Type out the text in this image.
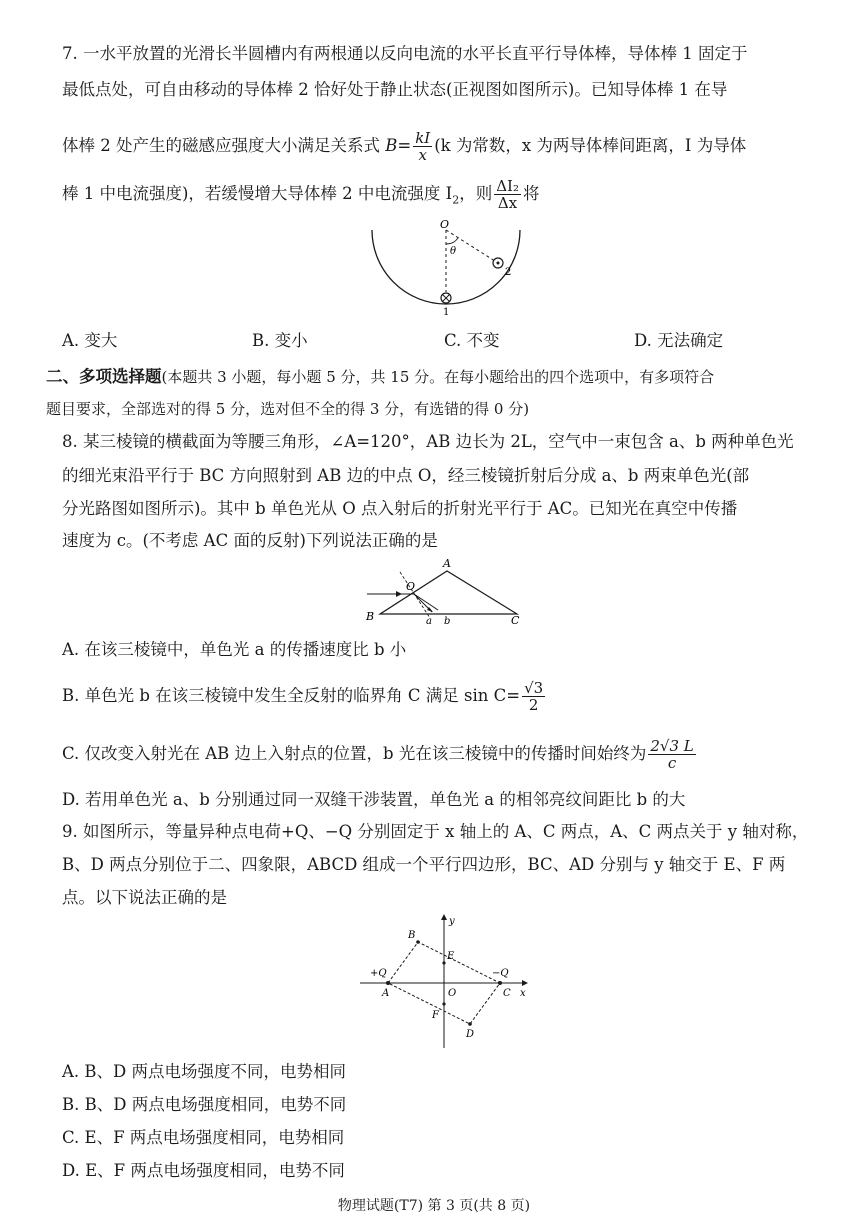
7. 一水平放置的光滑长半圆槽内有两根通以反向电流的水平长直平行导体棒，导体棒 1 固定于
最低点处，可自由移动的导体棒 2 恰好处于静止状态(正视图如图所示)。已知导体棒 1 在导
体棒 2 处产生的磁感应强度大小满足关系式 $B= \frac{kI}{x} (k$ 为常数，x 为两导体棒间距离，I 为导体
棒 1 中电流强度)，若缓慢增大导体棒 2 中电流强度 $I_2$，则 $\frac{\text{ΔI₂}}{\Delta x}$ 将
O
θ
2
1
A. 变大	B. 变小	C. 不变	D. 无法确定
二、多项选择题(本题共 3 小题，每小题 5 分，共 15 分。在每小题给出的四个选项中，有多项符合
题目要求，全部选对的得 5 分，选对但不全的得 3 分，有选错的得 0 分)
8. 某三棱镜的横截面为等腰三角形，∠A=120°，AB 边长为 2L，空气中一束包含 a、b 两种单色光
的细光束沿平行于 BC 方向照射到 AB 边的中点 O，经三棱镜折射后分成 a、b 两束单色光(部
分光路图如图所示)。其中 b 单色光从 O 点入射后的折射光平行于 AC。已知光在真空中传播
速度为 c。(不考虑 AC 面的反射)下列说法正确的是
A
O
B	C
a b
A. 在该三棱镜中，单色光 a 的传播速度比 b 小
B. 单色光 b 在该三棱镜中发生全反射的临界角 C 满足 $\sin C= \frac{√3}{2}$
C. 仅改变入射光在 AB 边上入射点的位置，b 光在该三棱镜中的传播时间始终为 $\frac{2√3 L}{c}$
D. 若用单色光 a、b 分别通过同一双缝干涉装置，单色光 a 的相邻亮纹间距比 b 的大
9. 如图所示，等量异种点电荷+Q、−Q 分别固定于 x 轴上的 A、C 两点，A、C 两点关于 y 轴对称，
B、D 两点分别位于二、四象限，ABCD 组成一个平行四边形，BC、AD 分别与 y 轴交于 E、F 两
点。以下说法正确的是
y
x
B
E
+Q	−Q
A	O	C
F
D
A. B、D 两点电场强度不同，电势相同
B. B、D 两点电场强度相同，电势不同
C. E、F 两点电场强度相同，电势相同
D. E、F 两点电场强度相同，电势不同
物理试题(T7) 第 3 页(共 8 页)
